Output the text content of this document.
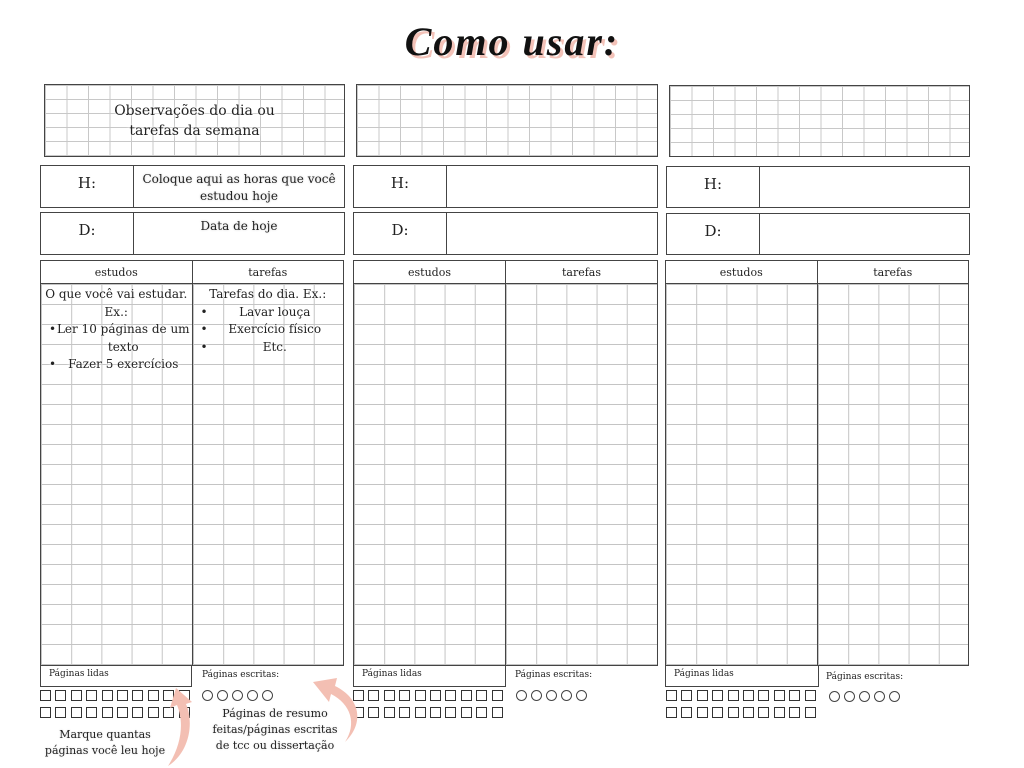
Como usar:
Observações do dia ou
tarefas da semana
H:	Coloque aqui as horas que você estudou hoje
D:	Data de hoje
estudos
O que você vai estudar.
Ex.:
• Ler 10 páginas de um texto
• Fazer 5 exercícios
tarefas
Tarefas do dia. Ex.:
• Lavar louça
• Exercício físico
• Etc.
Páginas lidas	Páginas escritas:
H:
D:
estudos	tarefas
Páginas lidas	Páginas escritas:
H:
D:
estudos	tarefas
Páginas lidas	Páginas escritas:
Marque quantas
páginas você leu hoje
Páginas de resumo
feitas/páginas escritas
de tcc ou dissertação
